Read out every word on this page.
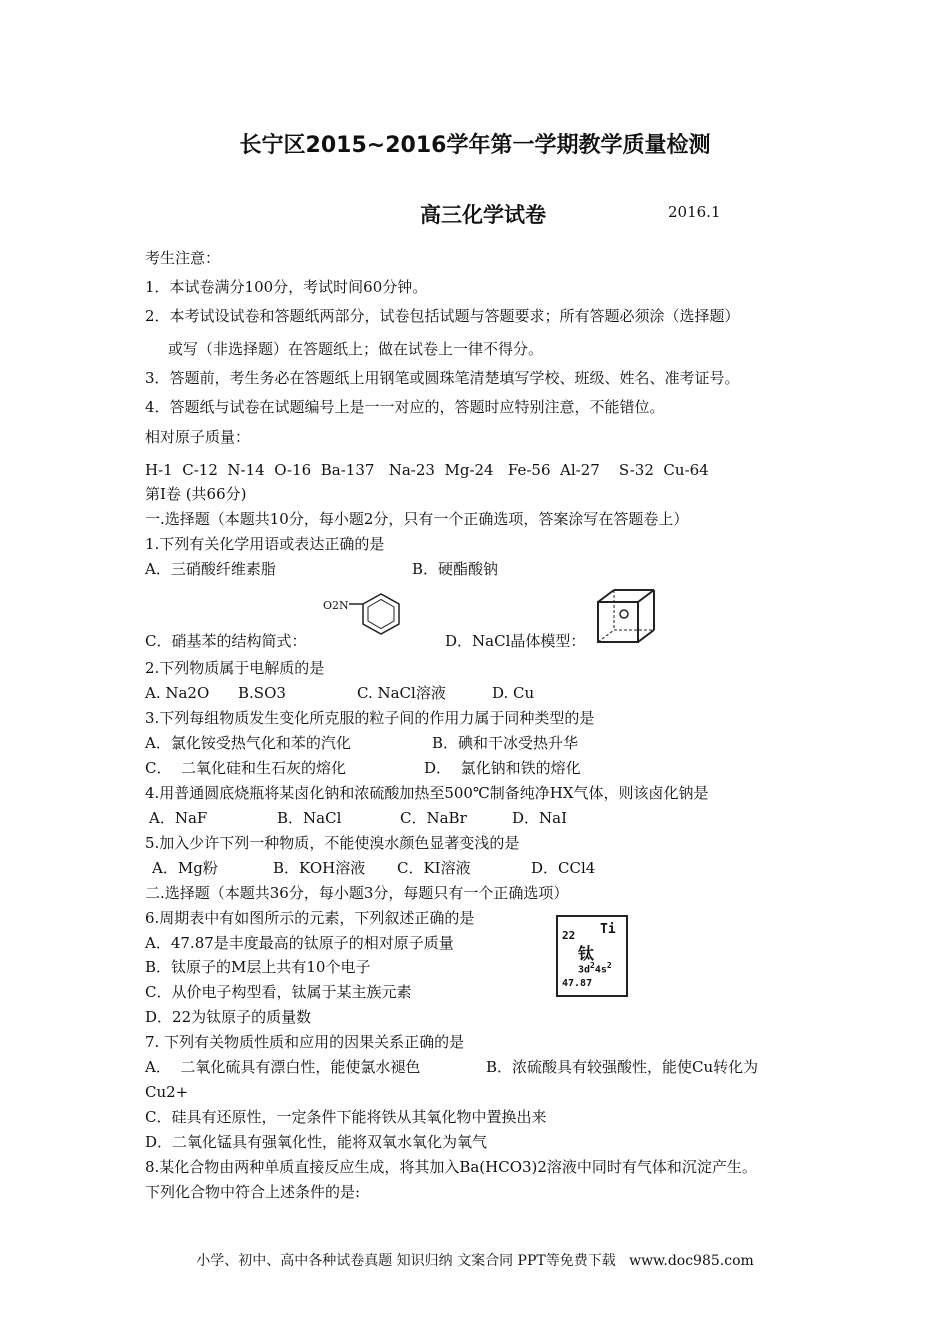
长宁区2015~2016学年第一学期教学质量检测
高三化学试卷	2016.1
考生注意：
1．本试卷满分100分，考试时间60分钟。
2．本考试设试卷和答题纸两部分，试卷包括试题与答题要求；所有答题必须涂（选择题）
或写（非选择题）在答题纸上；做在试卷上一律不得分。
3．答题前，考生务必在答题纸上用钢笔或圆珠笔清楚填写学校、班级、姓名、准考证号。
4．答题纸与试卷在试题编号上是一一对应的，答题时应特别注意，不能错位。
相对原子质量：
H-1  C-12  N-14  O-16  Ba-137   Na-23  Mg-24   Fe-56  Al-27    S-32  Cu-64
第I卷 (共66分)
一.选择题（本题共10分，每小题2分，只有一个正确选项，答案涂写在答题卷上）
1.下列有关化学用语或表达正确的是
A．三硝酸纤维素脂	B．硬酯酸钠
O2N
C．硝基苯的结构简式：	D．NaCl晶体模型：
2.下列物质属于电解质的是
A. Na2O B.SO3	C. NaCl溶液	D. Cu
3.下列每组物质发生变化所克服的粒子间的作用力属于同种类型的是
A．氯化铵受热气化和苯的汽化	B．碘和干冰受热升华
C．  二氧化硅和生石灰的熔化	D．  氯化钠和铁的熔化
4.用普通圆底烧瓶将某卤化钠和浓硫酸加热至500℃制备纯净HX气体，则该卤化钠是
A．NaF	B．NaCl	C．NaBr	D．NaI
5.加入少许下列一种物质，不能使溴水颜色显著变浅的是
A．Mg粉	B．KOH溶液 C．KI溶液	D．CCl4
二.选择题（本题共36分，每小题3分，每题只有一个正确选项）
6.周期表中有如图所示的元素，下列叙述正确的是
A．47.87是丰度最高的钛原子的相对原子质量
B．钛原子的M层上共有10个电子
C．从价电子构型看，钛属于某主族元素
D．22为钛原子的质量数
22 Ti
钛
$3d^24s^2$
47.87
7. 下列有关物质性质和应用的因果关系正确的是
A．  二氧化硫具有漂白性，能使氯水褪色	B．浓硫酸具有较强酸性，能使Cu转化为
Cu2+
C．硅具有还原性，一定条件下能将铁从其氧化物中置换出来
D．二氧化锰具有强氧化性，能将双氧水氧化为氧气
8.某化合物由两种单质直接反应生成，将其加入Ba(HCO3)2溶液中同时有气体和沉淀产生。
下列化合物中符合上述条件的是:
小学、初中、高中各种试卷真题 知识归纳 文案合同 PPT等免费下载   www.doc985.com
